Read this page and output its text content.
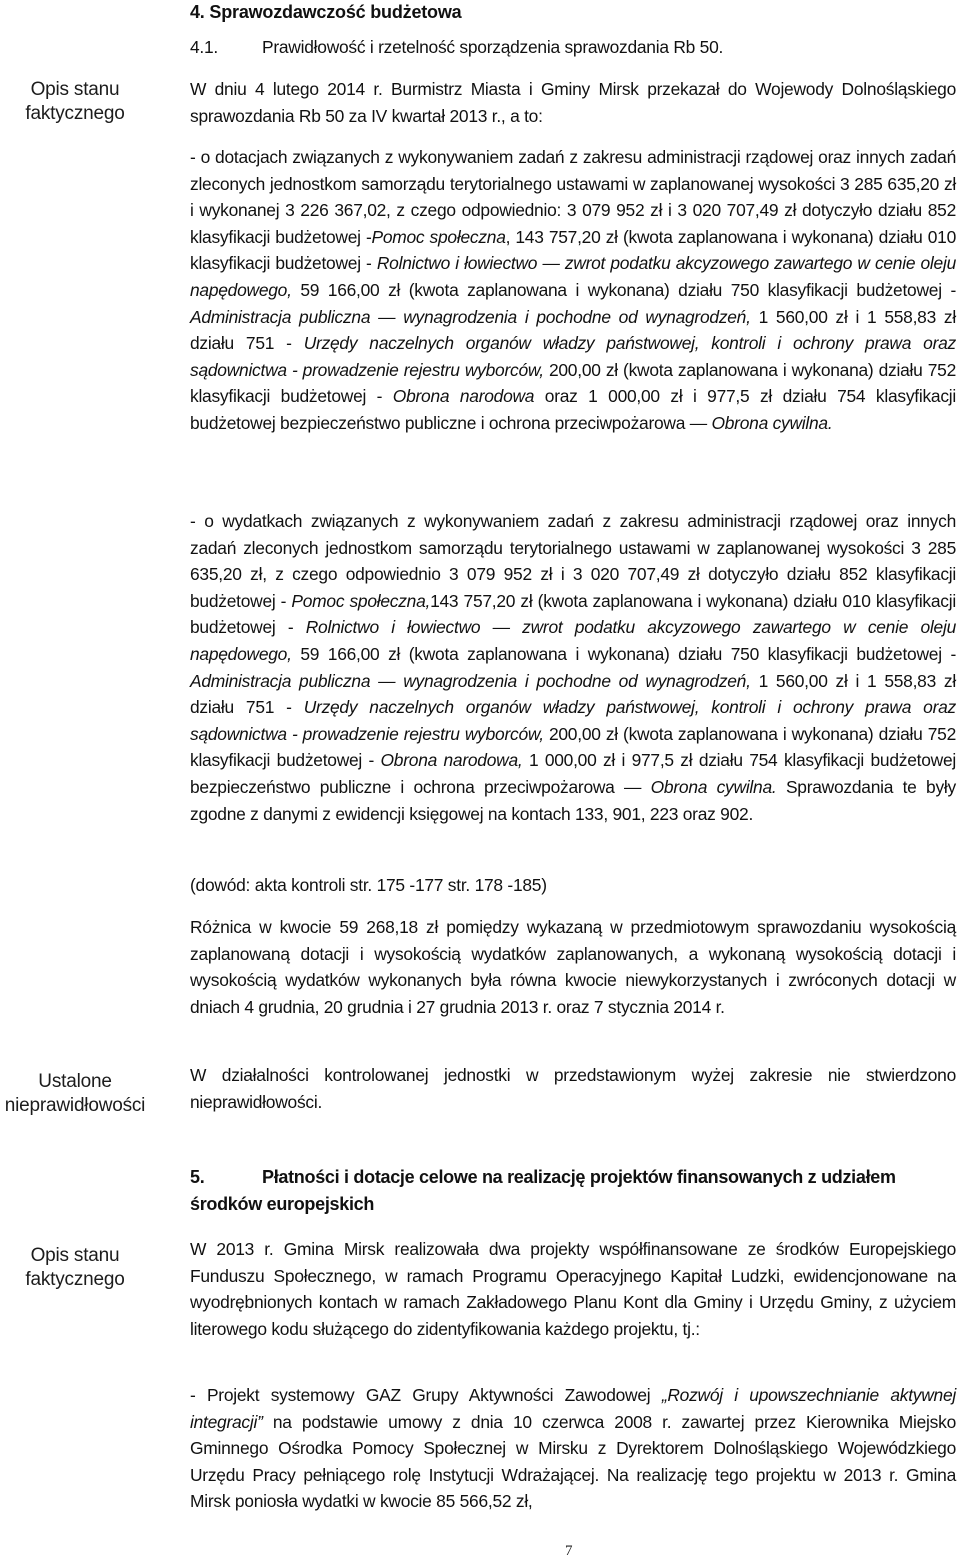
4. Sprawozdawczość budżetowa

4.1.	Prawidłowość i rzetelność sporządzenia sprawozdania Rb 50.

Opis stanu
faktycznego

W dniu 4 lutego 2014 r. Burmistrz Miasta i Gminy Mirsk przekazał do Wojewody Dolnośląskiego sprawozdania Rb 50 za IV kwartał 2013 r., a to:

- o dotacjach związanych z wykonywaniem zadań z zakresu administracji rządowej oraz innych zadań zleconych jednostkom samorządu terytorialnego ustawami w zaplanowanej wysokości 3 285 635,20 zł i wykonanej 3 226 367,02, z czego odpowiednio: 3 079 952 zł i 3 020 707,49 zł dotyczyło działu 852 klasyfikacji budżetowej -Pomoc społeczna, 143 757,20 zł (kwota zaplanowana i wykonana) działu 010 klasyfikacji budżetowej - Rolnictwo i łowiectwo — zwrot podatku akcyzowego zawartego w cenie oleju napędowego, 59 166,00 zł (kwota zaplanowana i wykonana) działu 750 klasyfikacji budżetowej - Administracja publiczna — wynagrodzenia i pochodne od wynagrodzeń, 1 560,00 zł i 1 558,83 zł działu 751 - Urzędy naczelnych organów władzy państwowej, kontroli i ochrony prawa oraz sądownictwa - prowadzenie rejestru wyborców, 200,00 zł (kwota zaplanowana i wykonana) działu 752 klasyfikacji budżetowej - Obrona narodowa oraz 1 000,00 zł i 977,5 zł działu 754 klasyfikacji budżetowej bezpieczeństwo publiczne i ochrona przeciwpożarowa — Obrona cywilna.

- o wydatkach związanych z wykonywaniem zadań z zakresu administracji rządowej oraz innych zadań zleconych jednostkom samorządu terytorialnego ustawami w zaplanowanej wysokości 3 285 635,20 zł, z czego odpowiednio 3 079 952 zł i 3 020 707,49 zł dotyczyło działu 852 klasyfikacji budżetowej - Pomoc społeczna,143 757,20 zł (kwota zaplanowana i wykonana) działu 010 klasyfikacji budżetowej - Rolnictwo i łowiectwo — zwrot podatku akcyzowego zawartego w cenie oleju napędowego, 59 166,00 zł (kwota zaplanowana i wykonana) działu 750 klasyfikacji budżetowej - Administracja publiczna — wynagrodzenia i pochodne od wynagrodzeń, 1 560,00 zł i 1 558,83 zł działu 751 - Urzędy naczelnych organów władzy państwowej, kontroli i ochrony prawa oraz sądownictwa - prowadzenie rejestru wyborców, 200,00 zł (kwota zaplanowana i wykonana) działu 752 klasyfikacji budżetowej - Obrona narodowa, 1 000,00 zł i 977,5 zł działu 754 klasyfikacji budżetowej bezpieczeństwo publiczne i ochrona przeciwpożarowa — Obrona cywilna. Sprawozdania te były zgodne z danymi z ewidencji księgowej na kontach 133, 901, 223 oraz 902.

(dowód: akta kontroli str. 175 -177 str. 178 -185)

Różnica w kwocie 59 268,18 zł pomiędzy wykazaną w przedmiotowym sprawozdaniu wysokością zaplanowaną dotacji i wysokością wydatków zaplanowanych, a wykonaną wysokością dotacji i wysokością wydatków wykonanych była równa kwocie niewykorzystanych i zwróconych dotacji w dniach 4 grudnia, 20 grudnia i 27 grudnia 2013 r. oraz 7 stycznia 2014 r.

Ustalone
nieprawidłowości

W działalności kontrolowanej jednostki w przedstawionym wyżej zakresie nie stwierdzono nieprawidłowości.

5.	Płatności i dotacje celowe na realizację projektów finansowanych z udziałem środków europejskich
Opis stanu
faktycznego

W 2013 r. Gmina Mirsk realizowała dwa projekty współfinansowane ze środków Europejskiego Funduszu Społecznego, w ramach Programu Operacyjnego Kapitał Ludzki, ewidencjonowane na wyodrębnionych kontach w ramach Zakładowego Planu Kont dla Gminy i Urzędu Gminy, z użyciem literowego kodu służącego do zidentyfikowania każdego projektu, tj.:

- Projekt systemowy GAZ Grupy Aktywności Zawodowej „Rozwój i upowszechnianie aktywnej integracji” na podstawie umowy z dnia 10 czerwca 2008 r. zawartej przez Kierownika Miejsko Gminnego Ośrodka Pomocy Społecznej w Mirsku z Dyrektorem Dolnośląskiego Wojewódzkiego Urzędu Pracy pełniącego rolę Instytucji Wdrażającej. Na realizację tego projektu w 2013 r. Gmina Mirsk poniosła wydatki w kwocie 85 566,52 zł,

7
